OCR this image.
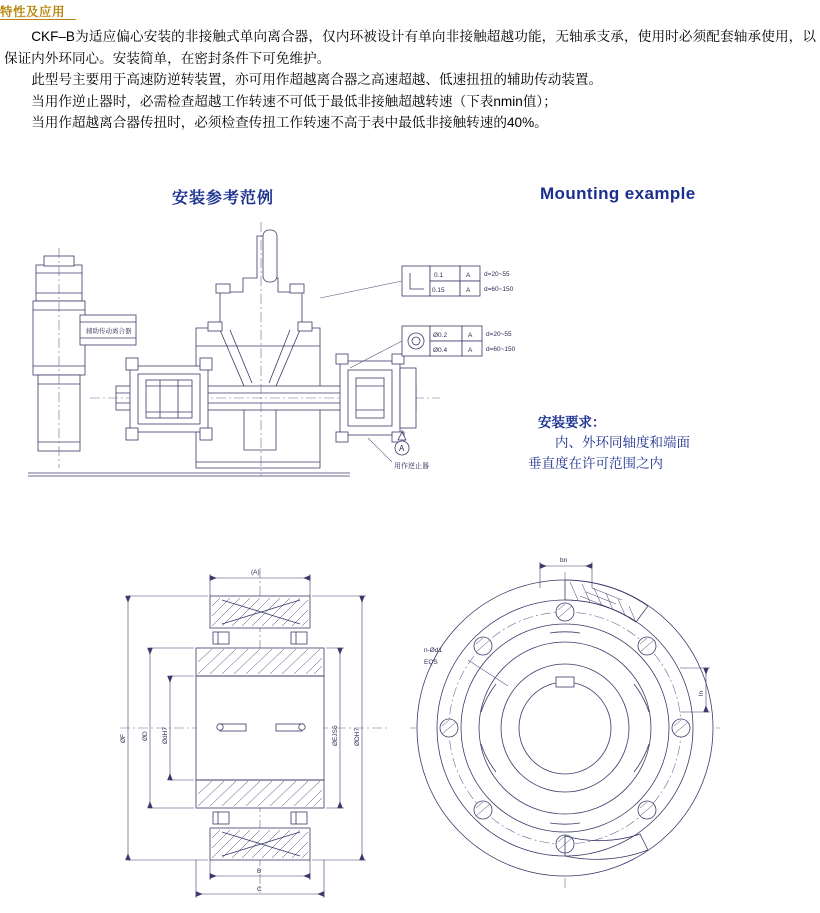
特性及应用

CKF–B为适应偏心安装的非接触式单向离合器，仅内环被设计有单向非接触超越功能，无轴承支承，使用时必须配套轴承使用，以保证内外环同心。安装简单，在密封条件下可免维护。

此型号主要用于高速防逆转装置，亦可用作超越离合器之高速超越、低速扭扭的辅助传动装置。

当用作逆止器时，必需检查超越工作转速不可低于最低非接触超越转速（下表nmin值）；

当用作超越离合器传扭时，必须检查传扭工作转速不高于表中最低非接触转速的40%。

安装参考范例	Mounting example
安装要求：
内、外环同轴度和端面
垂直度在许可范围之内
辅助传动离合器
A
用作逆止器
0.1
0.15
A
A
d=20~55
d=60~150
Ø0.2
Ø0.4
A
A
d=20~55
d=60~150
ØF ØD ØdH7	ØEJS6 ØDH7
(A)
B
C
n-Ød1
EQS
bn
ln
